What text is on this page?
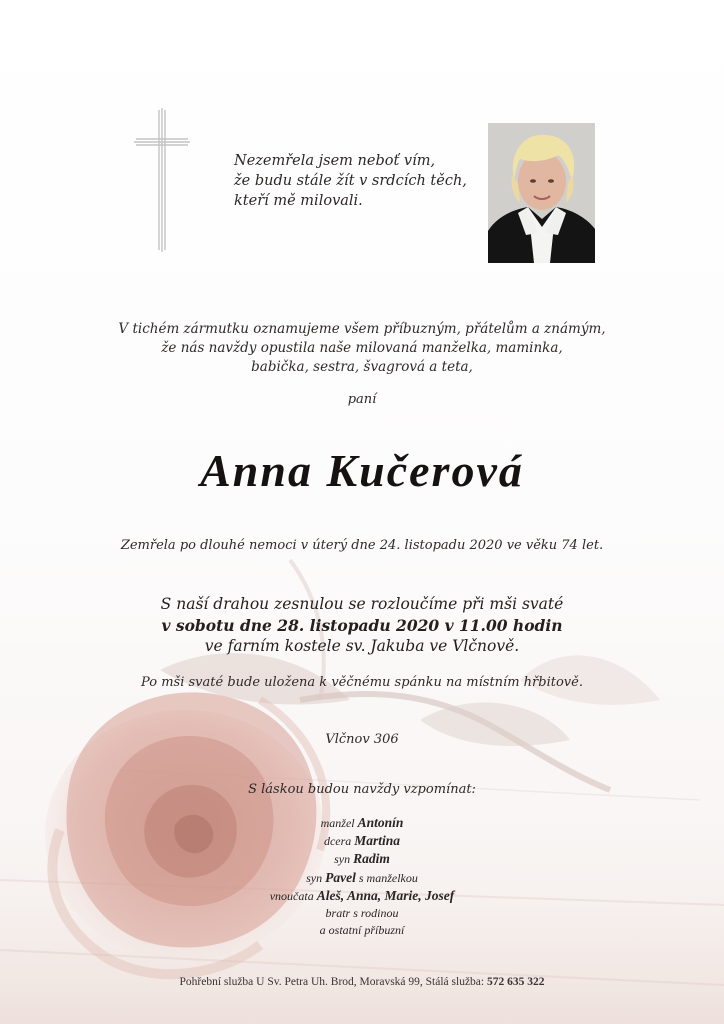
Nezemřela jsem neboť vím,
že budu stále žít v srdcích těch,
kteří mě milovali.
V tichém zármutku oznamujeme všem příbuzným, přátelům a známým,
že nás navždy opustila naše milovaná manželka, maminka,
babička, sestra, švagrová a teta,
paní
Anna Kučerová
Zemřela po dlouhé nemoci v úterý dne 24. listopadu 2020 ve věku 74 let.
S naší drahou zesnulou se rozloučíme při mši svaté
v sobotu dne 28. listopadu 2020 v 11.00 hodin
ve farním kostele sv. Jakuba ve Vlčnově.
Po mši svaté bude uložena k věčnému spánku na místním hřbitově.
Vlčnov 306
S láskou budou navždy vzpomínat:
manžel Antonín
dcera Martina
syn Radim
syn Pavel s manželkou
vnoučata Aleš, Anna, Marie, Josef
bratr s rodinou
a ostatní příbuzní
Pohřební služba U Sv. Petra Uh. Brod, Moravská 99, Stálá služba: 572 635 322
